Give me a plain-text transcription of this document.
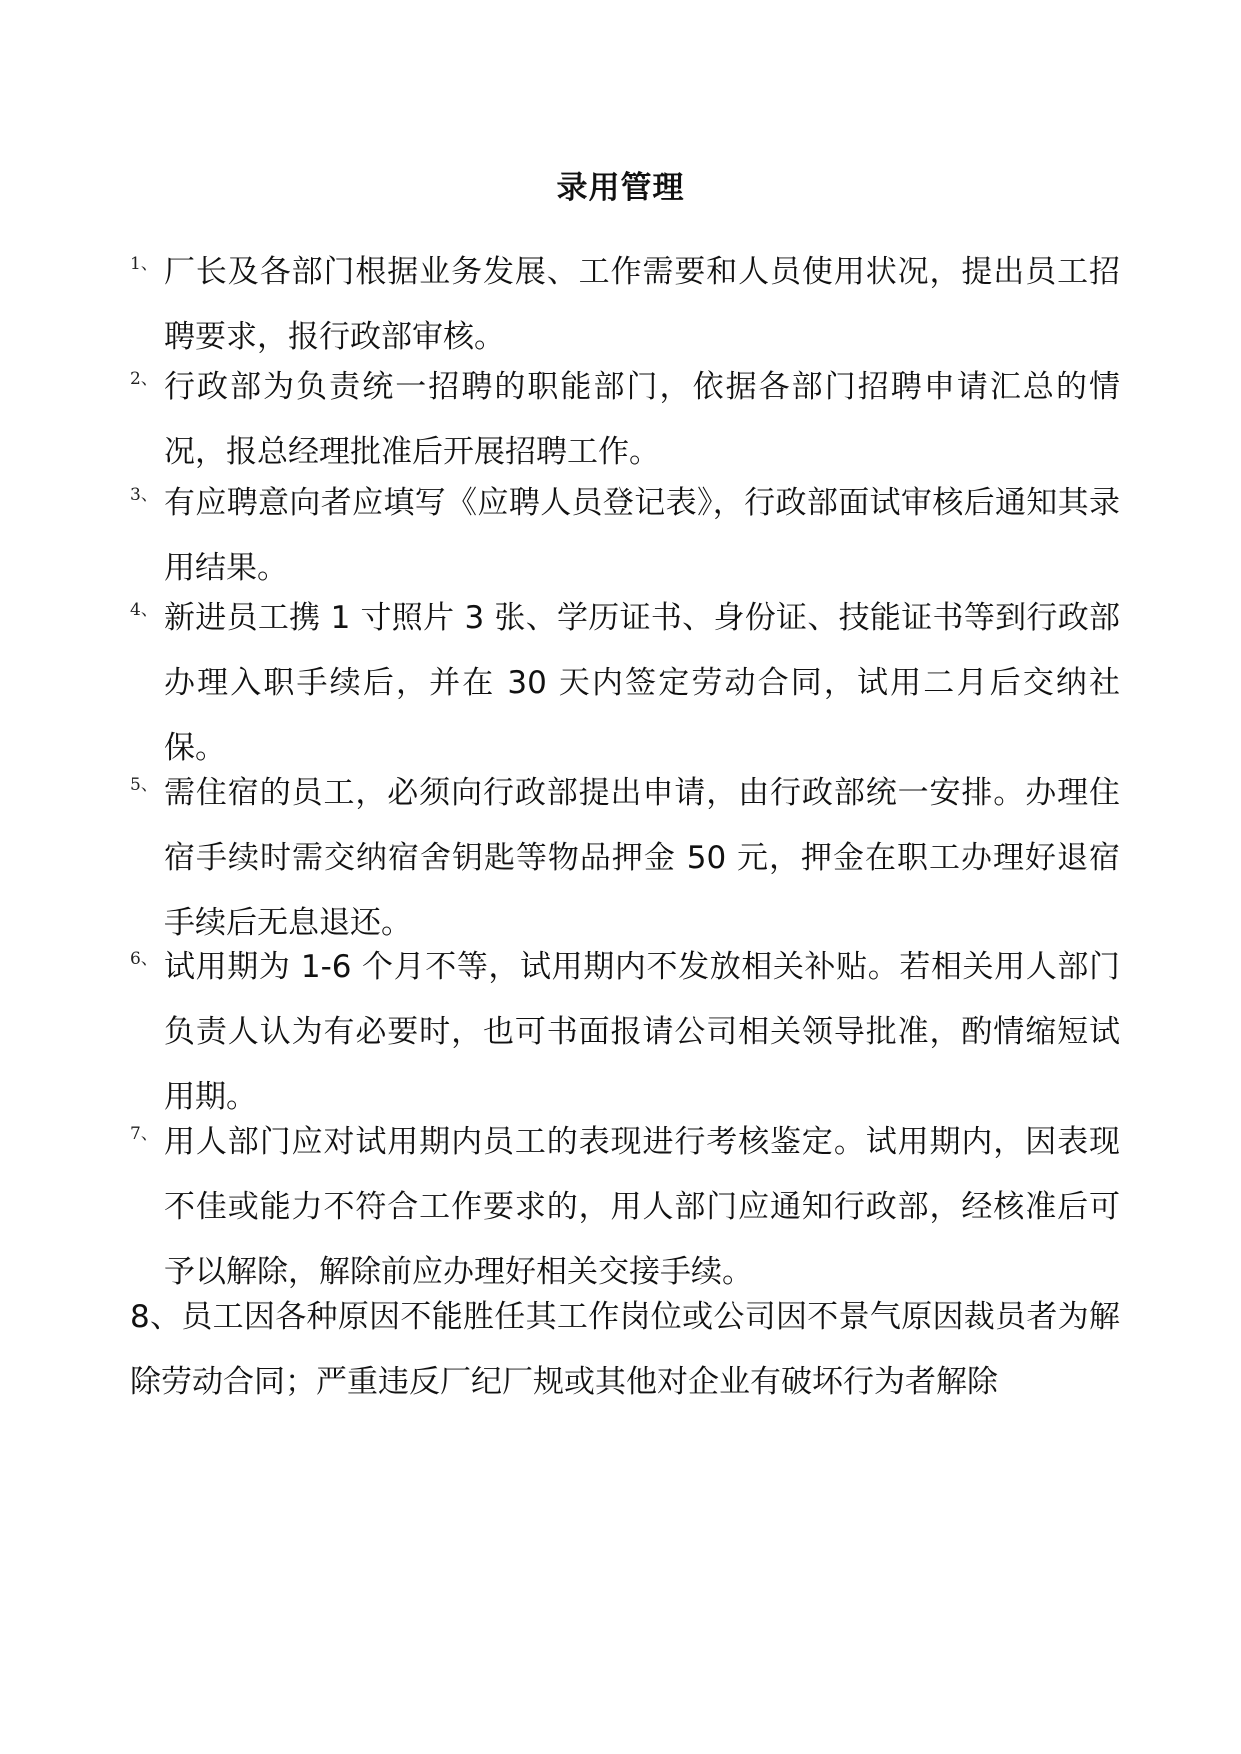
录用管理
1、 厂长及各部门根据业务发展、工作需要和人员使用状况，提出员工招聘要求，报行政部审核。
2、 行政部为负责统一招聘的职能部门，依据各部门招聘申请汇总的情况，报总经理批准后开展招聘工作。
3、 有应聘意向者应填写《应聘人员登记表》，行政部面试审核后通知其录用结果。
4、 新进员工携 1 寸照片 3 张、学历证书、身份证、技能证书等到行政部办理入职手续后，并在 30 天内签定劳动合同，试用二月后交纳社保。
5、 需住宿的员工，必须向行政部提出申请，由行政部统一安排。办理住宿手续时需交纳宿舍钥匙等物品押金 50 元，押金在职工办理好退宿手续后无息退还。
6、 试用期为 1-6 个月不等，试用期内不发放相关补贴。若相关用人部门负责人认为有必要时，也可书面报请公司相关领导批准，酌情缩短试用期。
7、 用人部门应对试用期内员工的表现进行考核鉴定。试用期内，因表现不佳或能力不符合工作要求的，用人部门应通知行政部，经核准后可予以解除，解除前应办理好相关交接手续。
8、员工因各种原因不能胜任其工作岗位或公司因不景气原因裁员者为解除劳动合同；严重违反厂纪厂规或其他对企业有破坏行为者解除
